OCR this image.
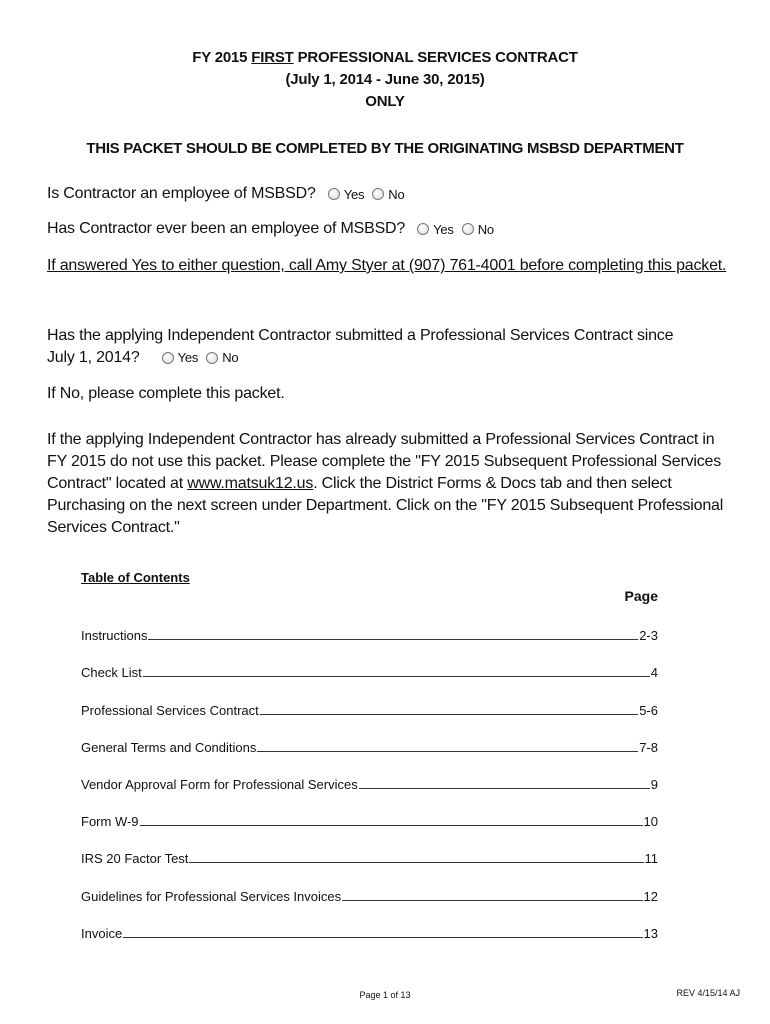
FY 2015 FIRST PROFESSIONAL SERVICES CONTRACT
(July 1, 2014 - June 30, 2015)
ONLY
THIS PACKET SHOULD BE COMPLETED BY THE ORIGINATING MSBSD DEPARTMENT
Is Contractor an employee of MSBSD? Yes No
Has Contractor ever been an employee of MSBSD? Yes No
If answered Yes to either question, call Amy Styer at (907) 761-4001 before completing this packet.
Has the applying Independent Contractor submitted a Professional Services Contract since
July 1, 2014?	Yes No
If No, please complete this packet.
If the applying Independent Contractor has already submitted a Professional Services Contract in FY 2015 do not use this packet. Please complete the "FY 2015 Subsequent Professional Services Contract" located at www.matsuk12.us. Click the District Forms & Docs tab and then select Purchasing on the next screen under Department. Click on the "FY 2015 Subsequent Professional Services Contract."
Table of Contents
Page
Instructions	2-3
Check List	4
Professional Services Contract	5-6
General Terms and Conditions	7-8
Vendor Approval Form for Professional Services	9
Form W-9	10
IRS 20 Factor Test	11
Guidelines for Professional Services Invoices	12
Invoice	13
Page 1 of 13	REV 4/15/14 AJ
